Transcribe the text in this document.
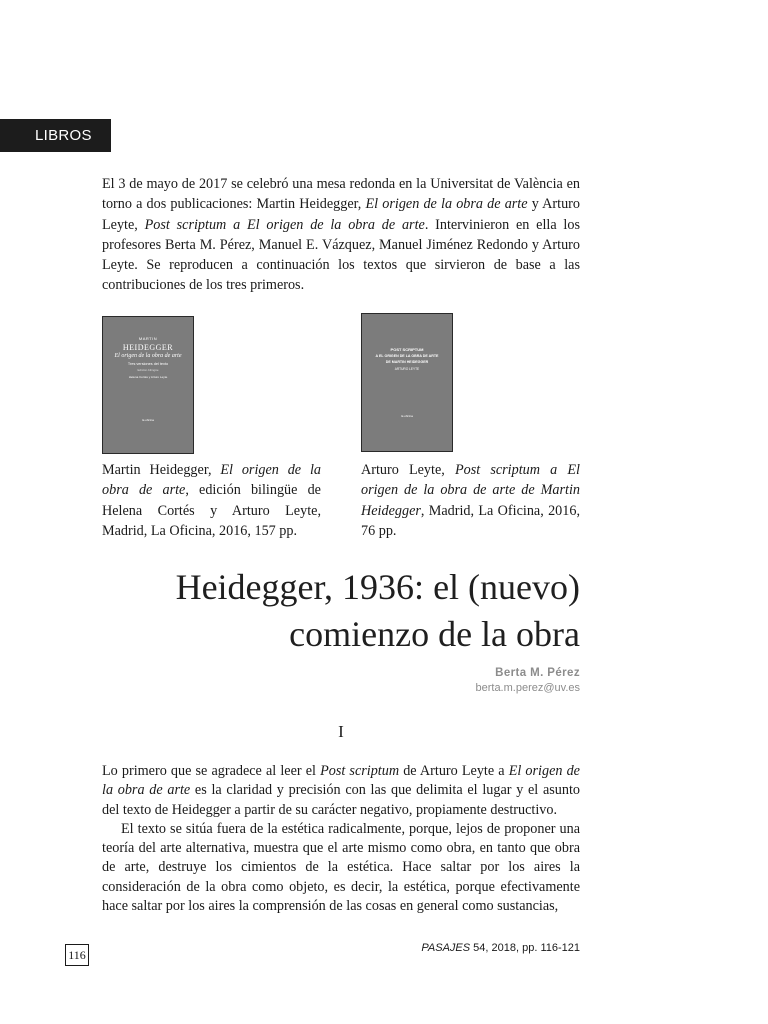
LIBROS

El 3 de mayo de 2017 se celebró una mesa redonda en la Universitat de València en torno a dos publicaciones: Martin Heidegger, El origen de la obra de arte y Arturo Leyte, Post scriptum a El origen de la obra de arte. Intervinieron en ella los profesores Berta M. Pérez, Manuel E. Vázquez, Manuel Jiménez Redondo y Arturo Leyte. Se reproducen a continuación los textos que sirvieron de base a las contribuciones de los tres primeros.

MARTIN
HEIDEGGER
El origen de la obra de arte
Tres versiones del texto
Edición bilingüe
Helena Cortés y Arturo Leyte
la oficina
POST SCRIPTUM
A EL ORIGEN DE LA OBRA DE ARTE
DE MARTIN HEIDEGGER
ARTURO LEYTE
la oficina

Martin Heidegger, El origen de la obra de arte, edición bilingüe de Helena Cortés y Arturo Leyte, Madrid, La Oficina, 2016, 157 pp.

Arturo Leyte, Post scriptum a El origen de la obra de arte de Martin Heidegger, Madrid, La Oficina, 2016, 76 pp.

Heidegger, 1936: el (nuevo)
comienzo de la obra
Berta M. Pérez
berta.m.perez@uv.es
I

Lo primero que se agradece al leer el Post scriptum de Arturo Leyte a El origen de la obra de arte es la claridad y precisión con las que delimita el lugar y el asunto del texto de Heidegger a partir de su carácter negativo, propiamente destructivo.

El texto se sitúa fuera de la estética radicalmente, porque, lejos de proponer una teoría del arte alternativa, muestra que el arte mismo como obra, en tanto que obra de arte, destruye los cimientos de la estética. Hace saltar por los aires la consideración de la obra como objeto, es decir, la estética, porque efectivamente hace saltar por los aires la comprensión de las cosas en general como sustancias,

116	PASAJES 54, 2018, pp. 116-121
